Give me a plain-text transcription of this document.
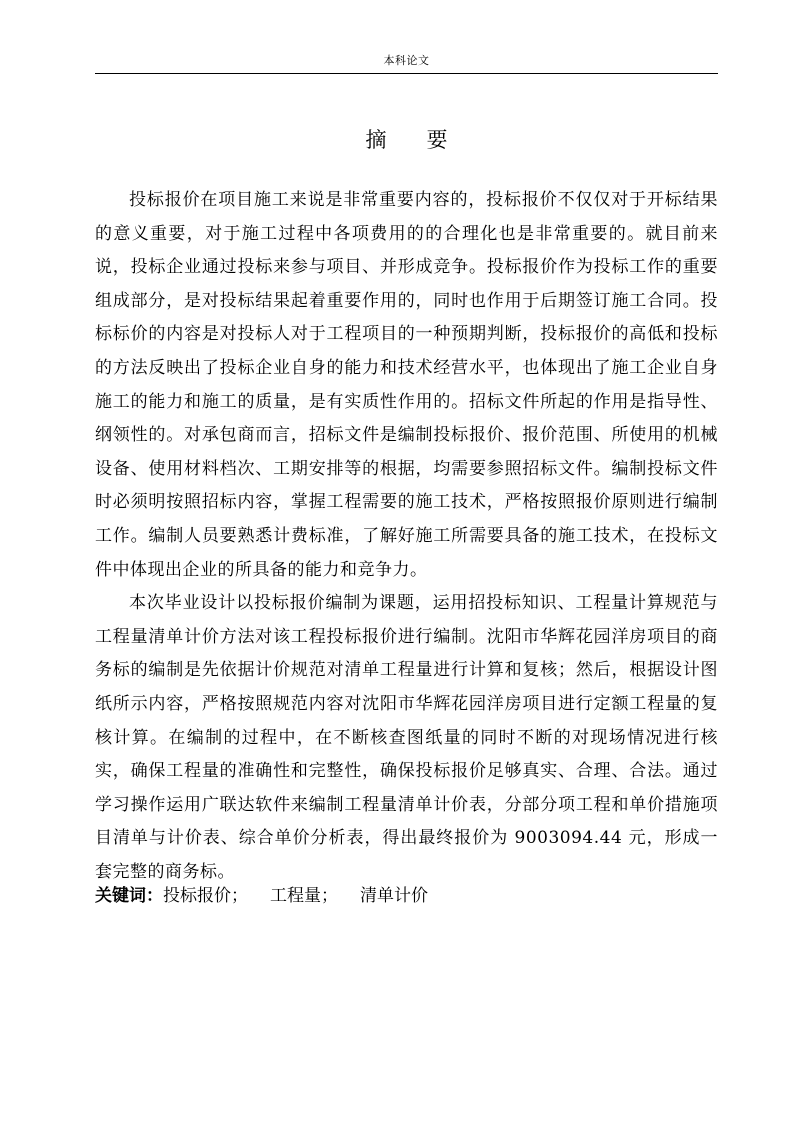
本科论文
摘要

投标报价在项目施工来说是非常重要内容的，投标报价不仅仅对于开标结果的意义重要，对于施工过程中各项费用的的合理化也是非常重要的。就目前来说，投标企业通过投标来参与项目、并形成竞争。投标报价作为投标工作的重要组成部分，是对投标结果起着重要作用的，同时也作用于后期签订施工合同。投标标价的内容是对投标人对于工程项目的一种预期判断，投标报价的高低和投标的方法反映出了投标企业自身的能力和技术经营水平，也体现出了施工企业自身施工的能力和施工的质量，是有实质性作用的。招标文件所起的作用是指导性、纲领性的。对承包商而言，招标文件是编制投标报价、报价范围、所使用的机械设备、使用材料档次、工期安排等的根据，均需要参照招标文件。编制投标文件时必须明按照招标内容，掌握工程需要的施工技术，严格按照报价原则进行编制工作。编制人员要熟悉计费标准，了解好施工所需要具备的施工技术，在投标文件中体现出企业的所具备的能力和竞争力。

本次毕业设计以投标报价编制为课题，运用招投标知识、工程量计算规范与工程量清单计价方法对该工程投标报价进行编制。沈阳市华辉花园洋房项目的商务标的编制是先依据计价规范对清单工程量进行计算和复核；然后，根据设计图纸所示内容，严格按照规范内容对沈阳市华辉花园洋房项目进行定额工程量的复核计算。在编制的过程中，在不断核查图纸量的同时不断的对现场情况进行核实，确保工程量的准确性和完整性，确保投标报价足够真实、合理、合法。通过学习操作运用广联达软件来编制工程量清单计价表，分部分项工程和单价措施项目清单与计价表、综合单价分析表，得出最终报价为 9003094.44 元，形成一套完整的商务标。

关键词：投标报价； 工程量； 清单计价
